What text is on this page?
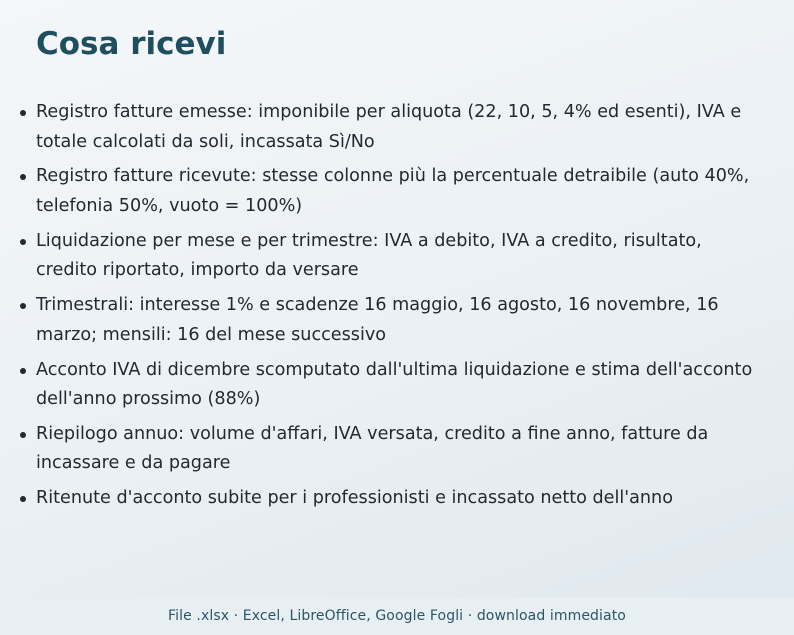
Cosa ricevi
Registro fatture emesse: imponibile per aliquota (22, 10, 5, 4% ed esenti), IVA e totale calcolati da soli, incassata Sì/No
Registro fatture ricevute: stesse colonne più la percentuale detraibile (auto 40%, telefonia 50%, vuoto = 100%)
Liquidazione per mese e per trimestre: IVA a debito, IVA a credito, risultato, credito riportato, importo da versare
Trimestrali: interesse 1% e scadenze 16 maggio, 16 agosto, 16 novembre, 16 marzo; mensili: 16 del mese successivo
Acconto IVA di dicembre scomputato dall'ultima liquidazione e stima dell'acconto dell'anno prossimo (88%)
Riepilogo annuo: volume d'affari, IVA versata, credito a fine anno, fatture da incassare e da pagare
Ritenute d'acconto subite per i professionisti e incassato netto dell'anno
File .xlsx · Excel, LibreOffice, Google Fogli · download immediato
